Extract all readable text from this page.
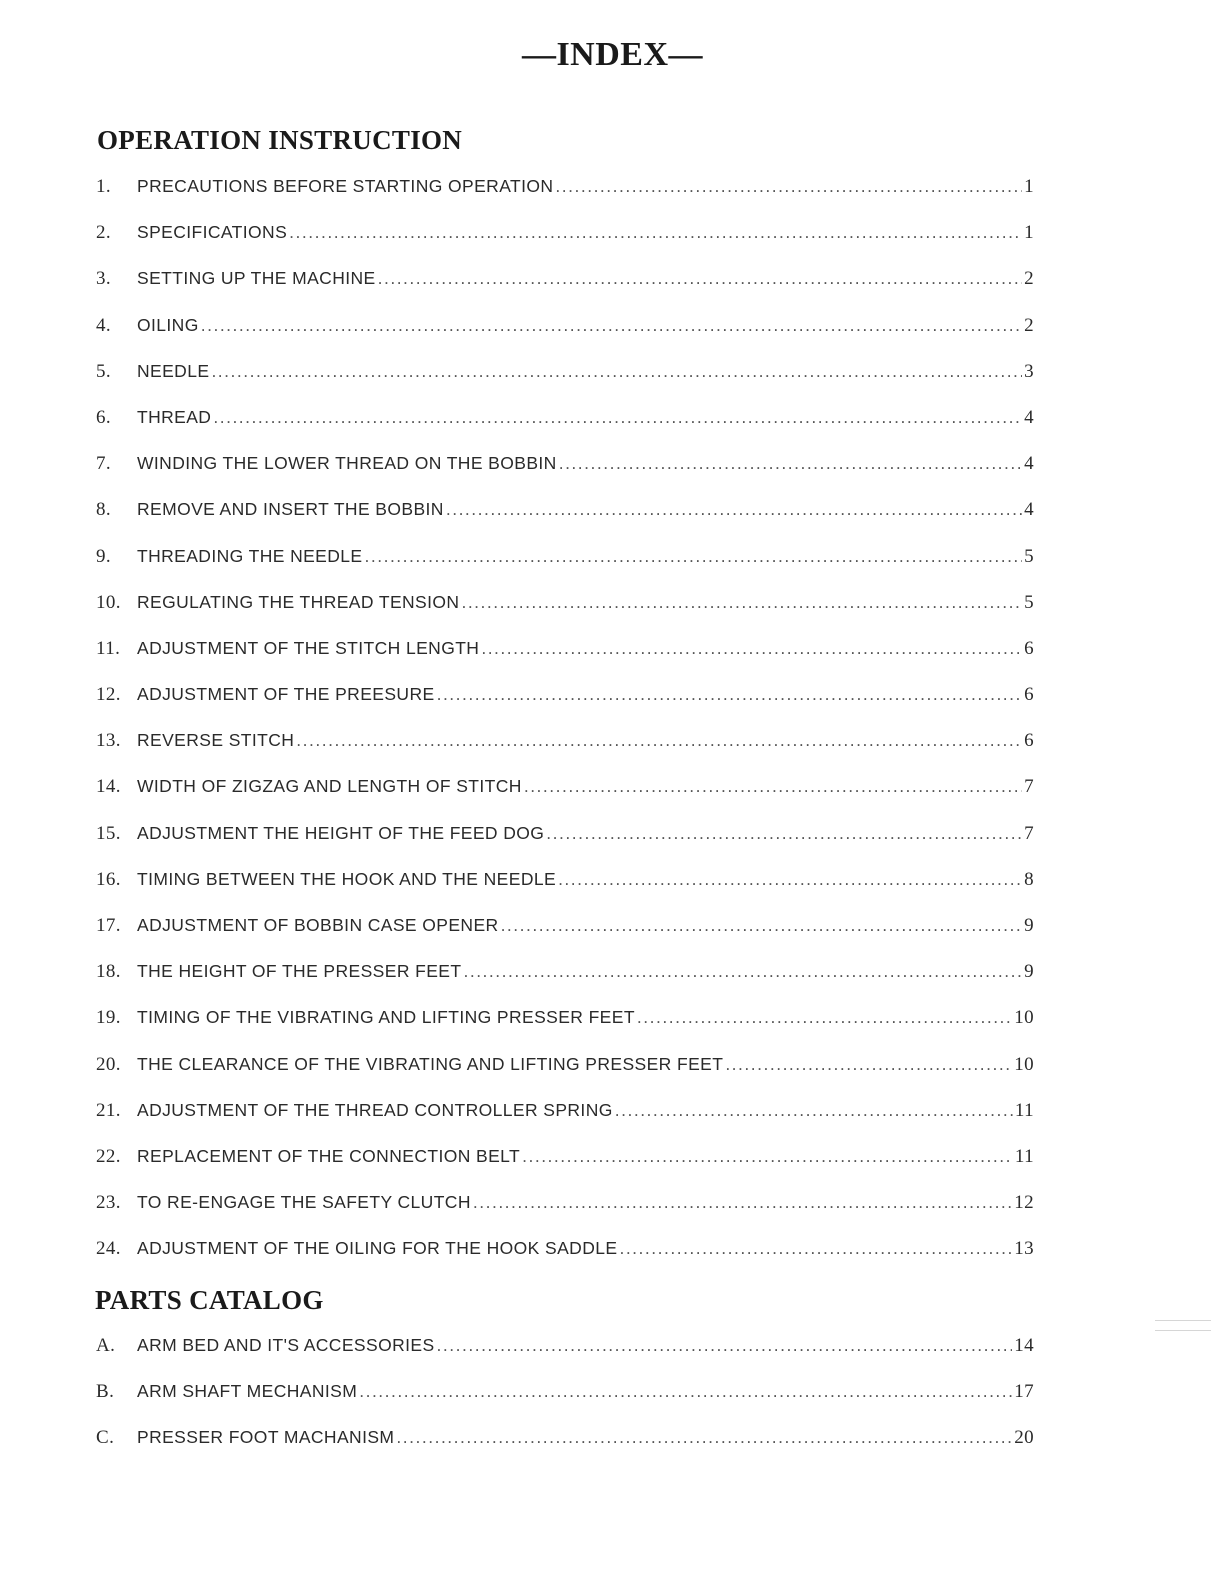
—INDEX—
OPERATION INSTRUCTION
1.	PRECAUTIONS BEFORE STARTING OPERATION .....	1
2.	SPECIFICATIONS .....	1
3.	SETTING UP THE MACHINE .....	2
4.	OILING .....	2
5.	NEEDLE .....	3
6.	THREAD .....	4
7.	WINDING THE LOWER THREAD ON THE BOBBIN .....	4
8.	REMOVE AND INSERT THE BOBBIN .....	4
9.	THREADING THE NEEDLE .....	5
10. REGULATING THE THREAD TENSION .....	5
11. ADJUSTMENT OF THE STITCH LENGTH .....	6
12. ADJUSTMENT OF THE PREESURE .....	6
13. REVERSE STITCH .....	6
14. WIDTH OF ZIGZAG AND LENGTH OF STITCH .....	7
15. ADJUSTMENT THE HEIGHT OF THE FEED DOG .....	7
16. TIMING BETWEEN THE HOOK AND THE NEEDLE .....	8
17. ADJUSTMENT OF BOBBIN CASE OPENER .....	9
18. THE HEIGHT OF THE PRESSER FEET .....	9
19. TIMING OF THE VIBRATING AND LIFTING PRESSER FEET .....	10
20. THE CLEARANCE OF THE VIBRATING AND LIFTING PRESSER FEET .....	10
21. ADJUSTMENT OF THE THREAD CONTROLLER SPRING .....	11
22. REPLACEMENT OF THE CONNECTION BELT .....	11
23. TO RE-ENGAGE THE SAFETY CLUTCH .....	12
24. ADJUSTMENT OF THE OILING FOR THE HOOK SADDLE .....	13
PARTS CATALOG
A.	ARM BED AND IT'S ACCESSORIES .....	14
B.	ARM SHAFT MECHANISM .....	17
C.	PRESSER FOOT MACHANISM .....	20
